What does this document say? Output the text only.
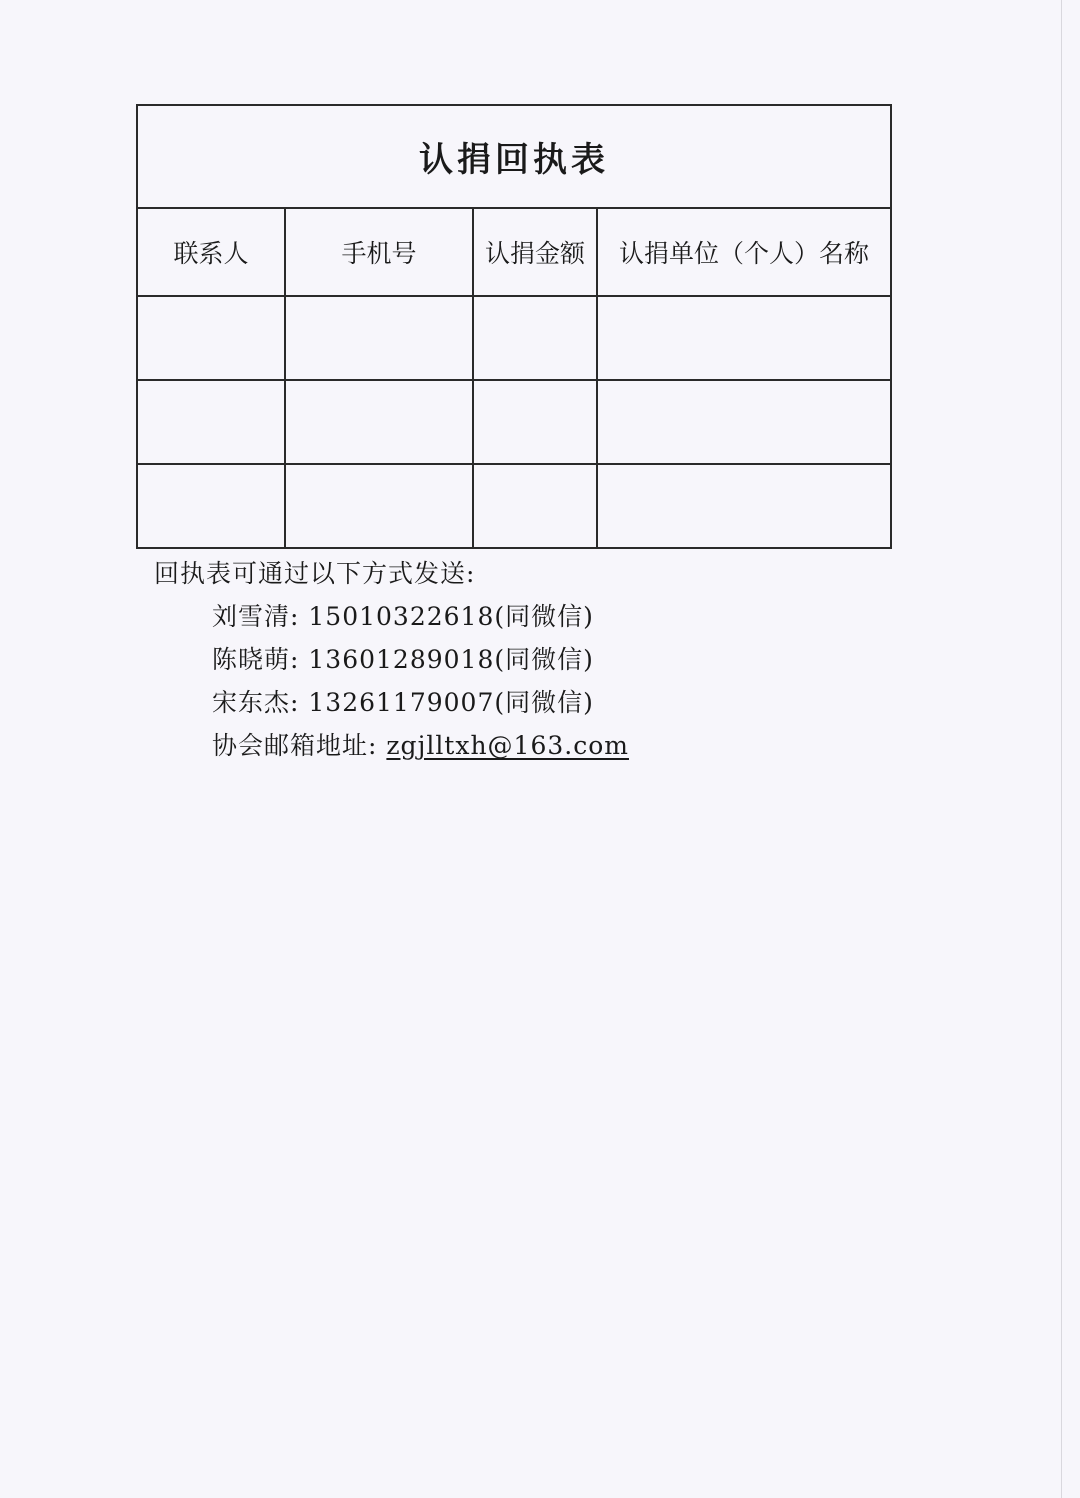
认捐回执表			
联系人	手机号	认捐金额	认捐单位（个人）名称

回执表可通过以下方式发送:
刘雪清: 15010322618(同微信)
陈晓萌: 13601289018(同微信)
宋东杰: 13261179007(同微信)
协会邮箱地址: zgjlltxh@163.com
